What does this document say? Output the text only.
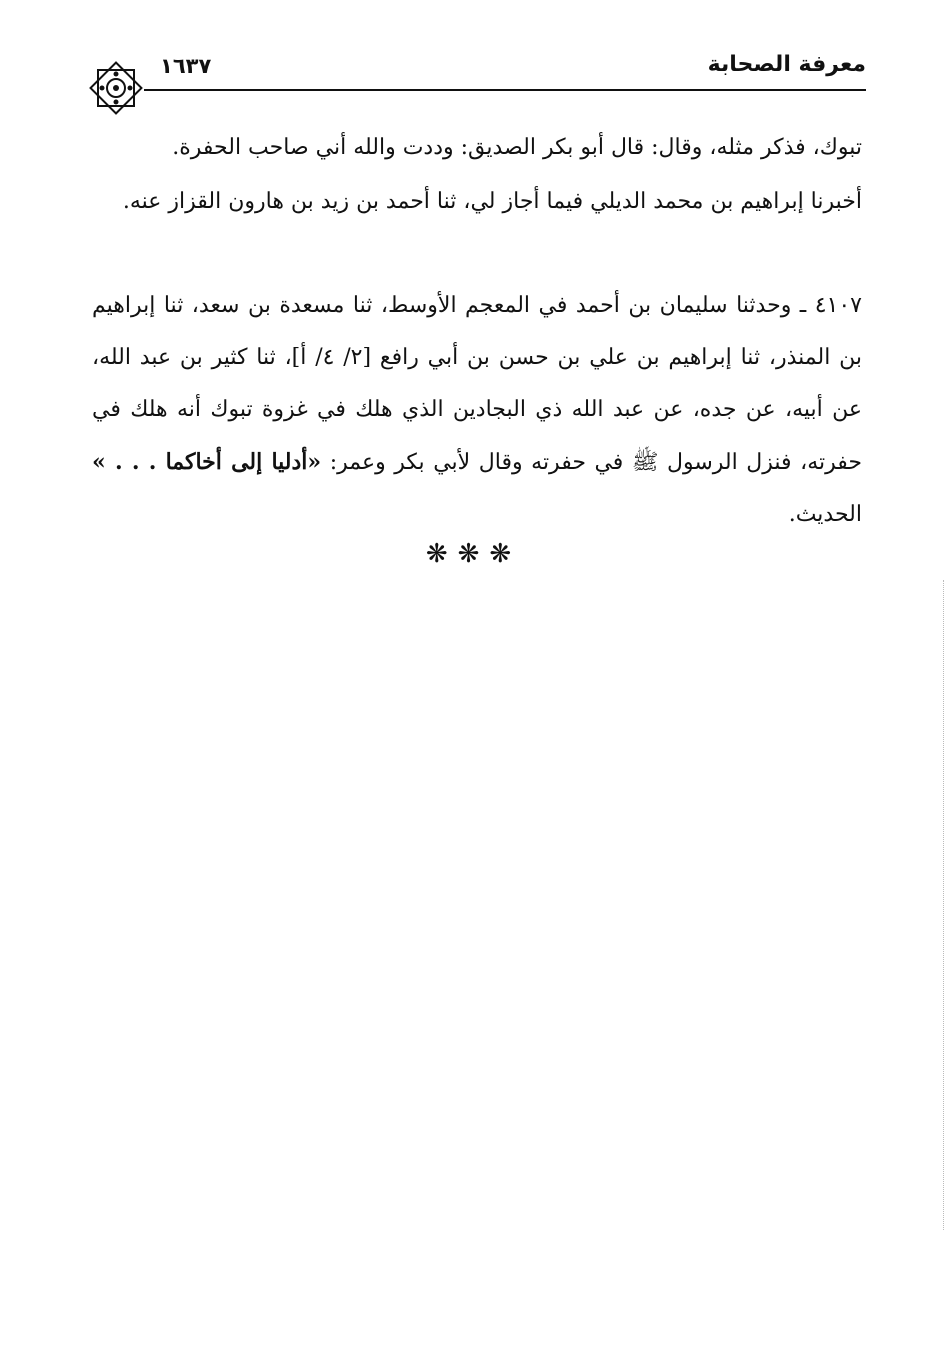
١٦٣٧	معرفة الصحابة

تبوك، فذكر مثله، وقال: قال أبو بكر الصديق: وددت والله أني صاحب الحفرة.

أخبرنا إبراهيم بن محمد الديلي فيما أجاز لي، ثنا أحمد بن زيد بن هارون القزاز عنه.

٤١٠٧ ـ وحدثنا سليمان بن أحمد في المعجم الأوسط، ثنا مسعدة بن سعد، ثنا إبراهيم بن المنذر، ثنا إبراهيم بن علي بن حسن بن أبي رافع [٢/ ٤/ أ]، ثنا كثير بن عبد الله، عن أبيه، عن جده، عن عبد الله ذي البجادين الذي هلك في غزوة تبوك أنه هلك في حفرته، فنزل الرسول ﷺ في حفرته وقال لأبي بكر وعمر: «أدليا إلى أخاكما . . . » الحديث.

❋❋❋
